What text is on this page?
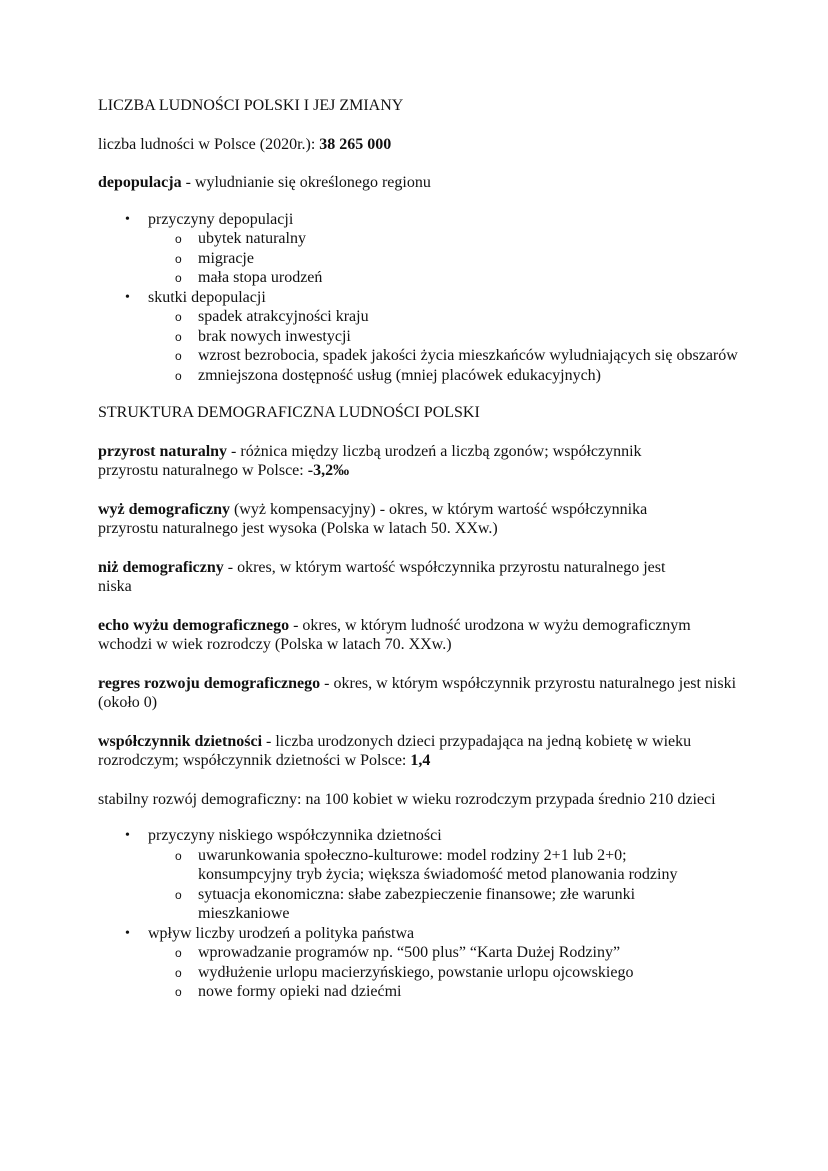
LICZBA LUDNOŚCI POLSKI I JEJ ZMIANY

liczba ludności w Polsce (2020r.): 38 265 000

depopulacja - wyludnianie się określonego regionu

• przyczyny depopulacji
o ubytek naturalny
o migracje
o mała stopa urodzeń
• skutki depopulacji
o spadek atrakcyjności kraju
o brak nowych inwestycji
o wzrost bezrobocia, spadek jakości życia mieszkańców wyludniających się obszarów
o zmniejszona dostępność usług (mniej placówek edukacyjnych)

STRUKTURA DEMOGRAFICZNA LUDNOŚCI POLSKI

przyrost naturalny - różnica między liczbą urodzeń a liczbą zgonów; współczynnik przyrostu naturalnego w Polsce: -3,2‰

wyż demograficzny (wyż kompensacyjny) - okres, w którym wartość współczynnika przyrostu naturalnego jest wysoka (Polska w latach 50. XXw.)

niż demograficzny - okres, w którym wartość współczynnika przyrostu naturalnego jest niska

echo wyżu demograficznego - okres, w którym ludność urodzona w wyżu demograficznym wchodzi w wiek rozrodczy (Polska w latach 70. XXw.)

regres rozwoju demograficznego - okres, w którym współczynnik przyrostu naturalnego jest niski (około 0)

współczynnik dzietności - liczba urodzonych dzieci przypadająca na jedną kobietę w wieku rozrodczym; współczynnik dzietności w Polsce: 1,4

stabilny rozwój demograficzny: na 100 kobiet w wieku rozrodczym przypada średnio 210 dzieci

• przyczyny niskiego współczynnika dzietności
o uwarunkowania społeczno-kulturowe: model rodziny 2+1 lub 2+0; konsumpcyjny tryb życia; większa świadomość metod planowania rodziny
o sytuacja ekonomiczna: słabe zabezpieczenie finansowe; złe warunki mieszkaniowe
• wpływ liczby urodzeń a polityka państwa
o wprowadzanie programów np. “500 plus” “Karta Dużej Rodziny”
o wydłużenie urlopu macierzyńskiego, powstanie urlopu ojcowskiego
o nowe formy opieki nad dziećmi
